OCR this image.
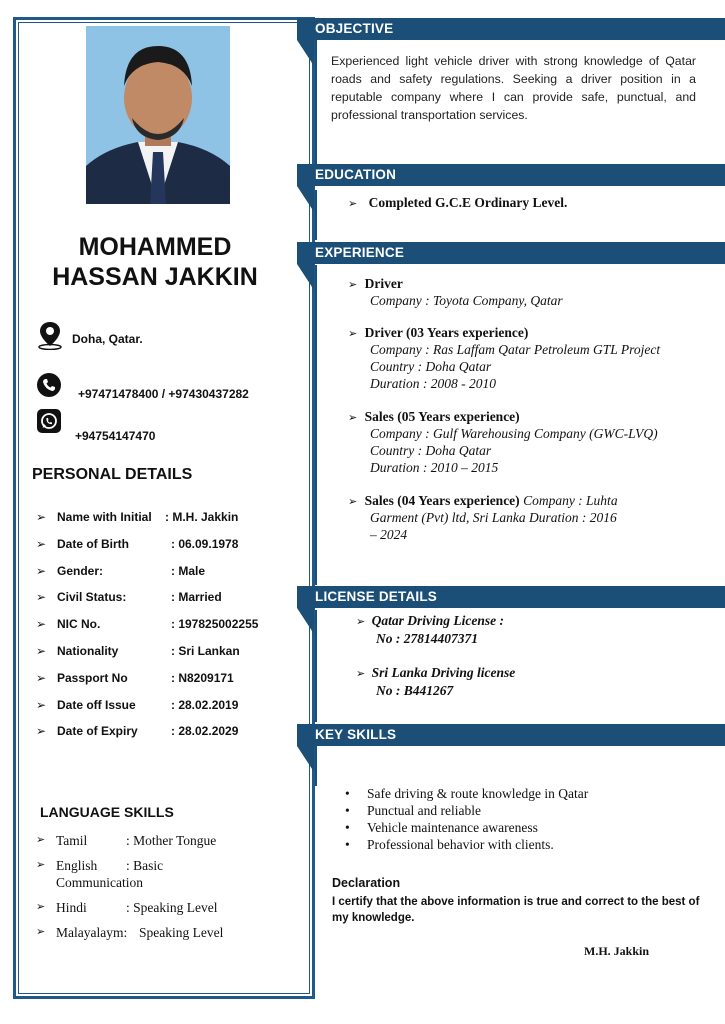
MOHAMMED
HASSAN JAKKIN
Doha, Qatar.
+97471478400 / +97430437282
+94754147470
PERSONAL DETAILS
➢ Name with Initial : M.H. Jakkin
➢ Date of Birth	: 06.09.1978
➢ Gender:	: Male
➢ Civil Status:	: Married
➢ NIC No.	: 197825002255
➢ Nationality	: Sri Lankan
➢ Passport No	: N8209171
➢ Date off Issue	: 28.02.2019
➢ Date of Expiry	: 28.02.2029
LANGUAGE SKILLS
➢ Tamil	: Mother Tongue
➢ English : Basic
Communication
➢ Hindi	: Speaking Level
➢ Malayalaym: Speaking Level
OBJECTIVE
Experienced light vehicle driver with strong knowledge of Qatar roads and safety regulations. Seeking a driver position in a reputable company where I can provide safe, punctual, and professional transportation services.
EDUCATION
➢ Completed G.C.E Ordinary Level.
EXPERIENCE
➢ Driver
Company : Toyota Company, Qatar
➢ Driver (03 Years experience)
Company : Ras Laffam Qatar Petroleum GTL Project
Country : Doha Qatar
Duration : 2008 - 2010
➢ Sales (05 Years experience)
Company : Gulf Warehousing Company (GWC-LVQ)
Country : Doha Qatar
Duration : 2010 – 2015
➢ Sales (04 Years experience) Company : Luhta
Garment (Pvt) ltd, Sri Lanka Duration : 2016
– 2024
LICENSE DETAILS
➢ Qatar Driving License :
No : 27814407371
➢ Sri Lanka Driving license
No : B441267
KEY SKILLS
• Safe driving & route knowledge in Qatar
• Punctual and reliable
• Vehicle maintenance awareness
• Professional behavior with clients.
Declaration
I certify that the above information is true and correct to the best of my knowledge.
M.H. Jakkin
